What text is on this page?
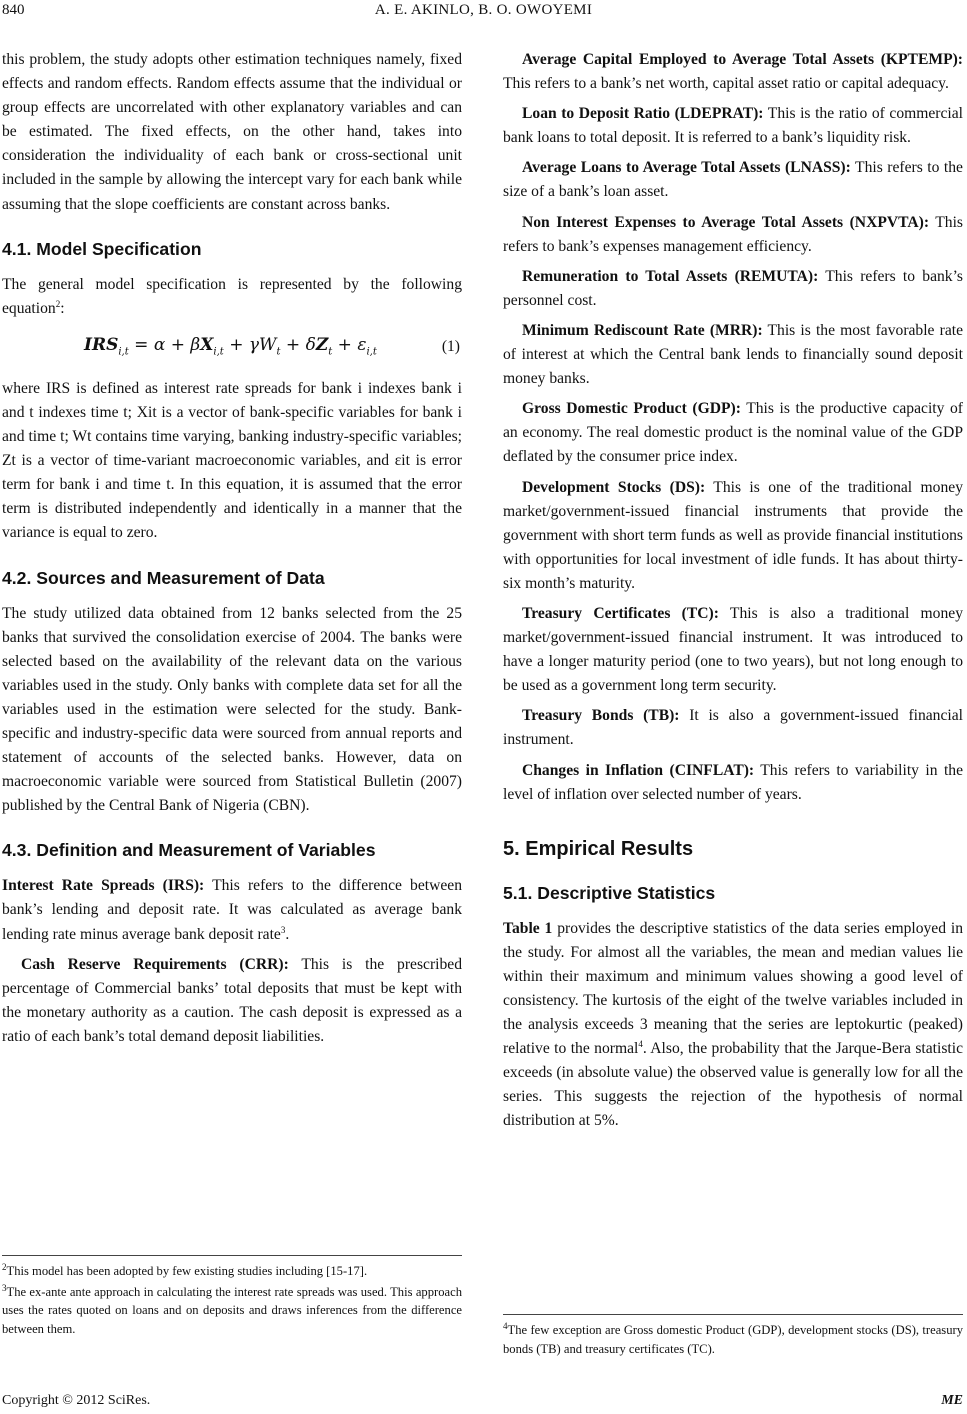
840	A. E. AKINLO, B. O. OWOYEMI

this problem, the study adopts other estimation techniques namely, fixed effects and random effects. Random effects assume that the individual or group effects are uncorrelated with other explanatory variables and can be estimated. The fixed effects, on the other hand, takes into consideration the individuality of each bank or cross-sectional unit included in the sample by allowing the intercept vary for each bank while assuming that the slope coefficients are constant across banks.

4.1. Model Specification

The general model specification is represented by the following equation$^2$:

$IRS_{i,t} = \alpha + \beta X_{i,t} + \gamma W_t + \delta Z_t + \varepsilon_{i,t}$	(1)

where IRS is defined as interest rate spreads for bank i indexes bank i and t indexes time t; Xit is a vector of bank-specific variables for bank i and time t; Wt contains time varying, banking industry-specific variables; Zt is a vector of time-variant macroeconomic variables, and εit is error term for bank i and time t. In this equation, it is assumed that the error term is distributed independently and identically in a manner that the variance is equal to zero.

4.2. Sources and Measurement of Data

The study utilized data obtained from 12 banks selected from the 25 banks that survived the consolidation exercise of 2004. The banks were selected based on the availability of the relevant data on the various variables used in the study. Only banks with complete data set for all the variables used in the estimation were selected for the study. Bank-specific and industry-specific data were sourced from annual reports and statement of accounts of the selected banks. However, data on macroeconomic variable were sourced from Statistical Bulletin (2007) published by the Central Bank of Nigeria (CBN).

4.3. Definition and Measurement of Variables

Interest Rate Spreads (IRS): This refers to the difference between bank’s lending and deposit rate. It was calculated as average bank lending rate minus average bank deposit rate$^3$.

Cash Reserve Requirements (CRR): This is the prescribed percentage of Commercial banks’ total deposits that must be kept with the monetary authority as a caution. The cash deposit is expressed as a ratio of each bank’s total demand deposit liabilities.

$^2$This model has been adopted by few existing studies including [15-17].

$^3$The ex-ante ante approach in calculating the interest rate spreads was used. This approach uses the rates quoted on loans and on deposits and draws inferences from the difference between them.

Average Capital Employed to Average Total Assets (KPTEMP): This refers to a bank’s net worth, capital asset ratio or capital adequacy.

Loan to Deposit Ratio (LDEPRAT): This is the ratio of commercial bank loans to total deposit. It is referred to a bank’s liquidity risk.

Average Loans to Average Total Assets (LNASS): This refers to the size of a bank’s loan asset.

Non Interest Expenses to Average Total Assets (NXPVTA): This refers to bank’s expenses management efficiency.

Remuneration to Total Assets (REMUTA): This refers to bank’s personnel cost.

Minimum Rediscount Rate (MRR): This is the most favorable rate of interest at which the Central bank lends to financially sound deposit money banks.

Gross Domestic Product (GDP): This is the productive capacity of an economy. The real domestic product is the nominal value of the GDP deflated by the consumer price index.

Development Stocks (DS): This is one of the traditional money market/government-issued financial instruments that provide the government with short term funds as well as provide financial institutions with opportunities for local investment of idle funds. It has about thirty-six month’s maturity.

Treasury Certificates (TC): This is also a traditional money market/government-issued financial instrument. It was introduced to have a longer maturity period (one to two years), but not long enough to be used as a government long term security.

Treasury Bonds (TB): It is also a government-issued financial instrument.

Changes in Inflation (CINFLAT): This refers to variability in the level of inflation over selected number of years.

5. Empirical Results
5.1. Descriptive Statistics

Table 1 provides the descriptive statistics of the data series employed in the study. For almost all the variables, the mean and median values lie within their maximum and minimum values showing a good level of consistency. The kurtosis of the eight of the twelve variables included in the analysis exceeds 3 meaning that the series are leptokurtic (peaked) relative to the normal$^4$. Also, the probability that the Jarque-Bera statistic exceeds (in absolute value) the observed value is generally low for all the series. This suggests the rejection of the hypothesis of normal distribution at 5%.

$^4$The few exception are Gross domestic Product (GDP), development stocks (DS), treasury bonds (TB) and treasury certificates (TC).

Copyright © 2012 SciRes.	ME
